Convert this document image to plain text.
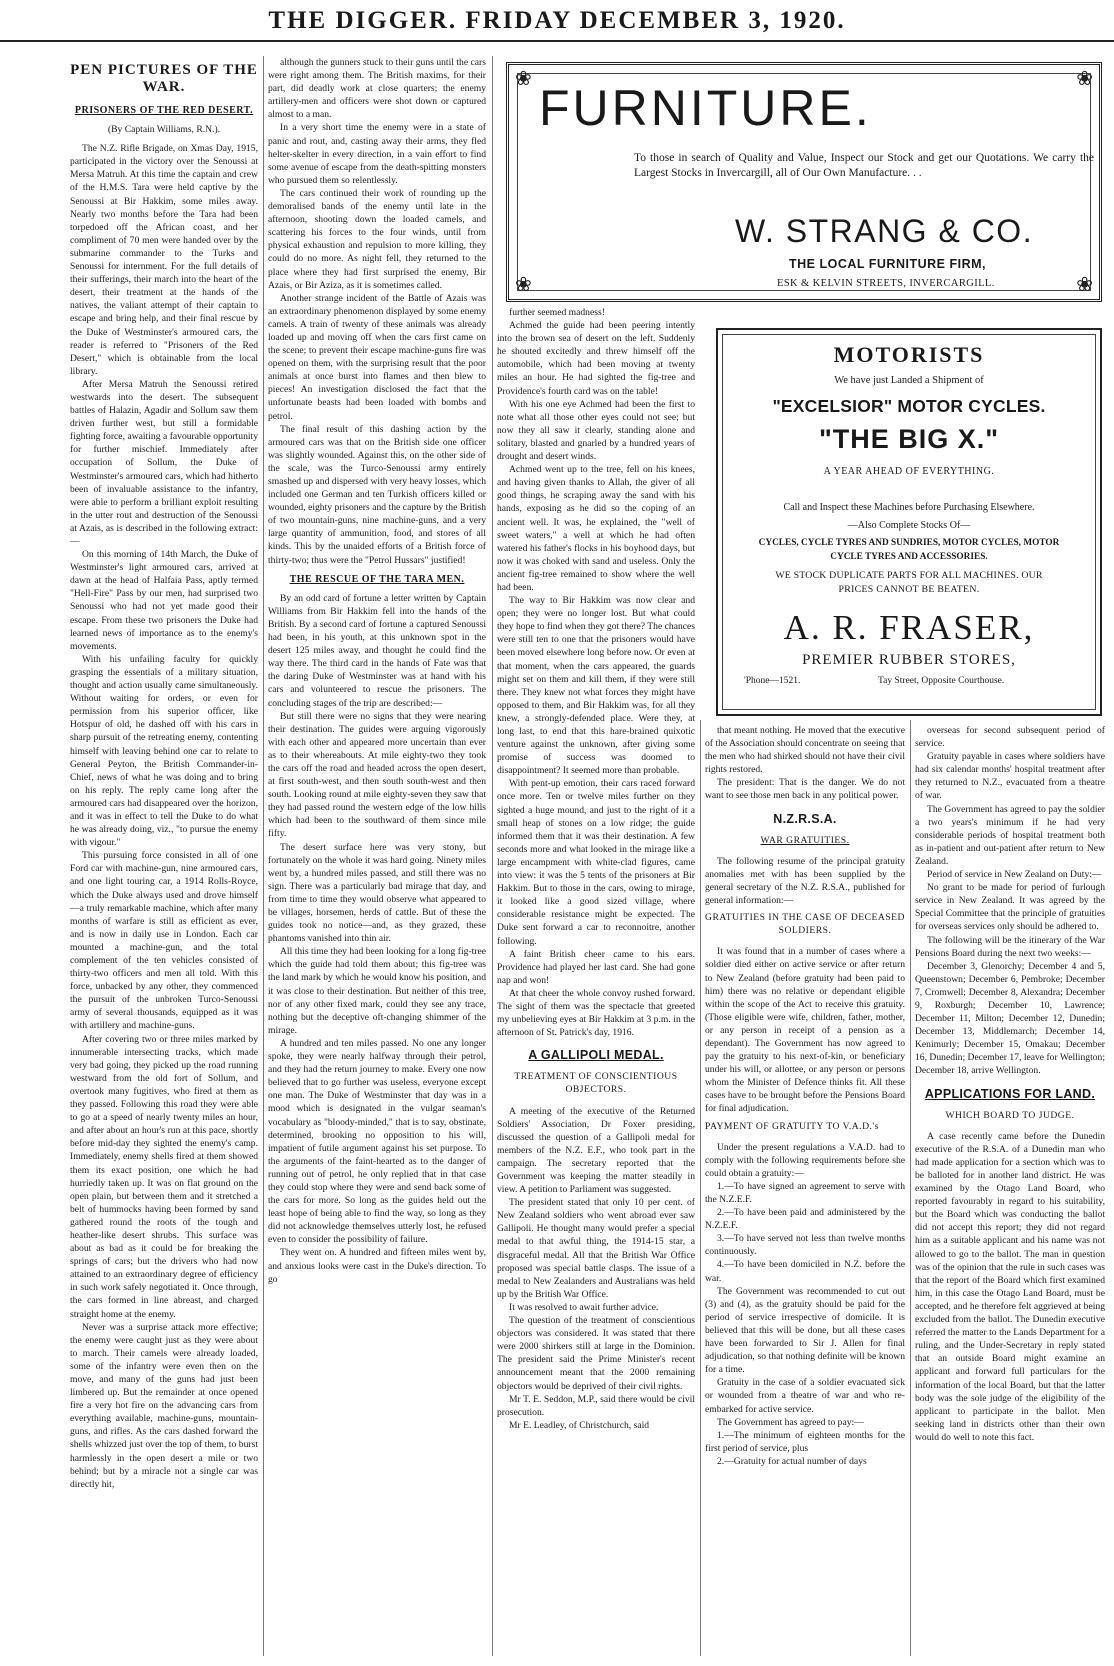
THE DIGGER. FRIDAY DECEMBER 3, 1920.
PEN PICTURES OF THE WAR.
PRISONERS OF THE RED DESERT.
(By Captain Williams, R.N.).

The N.Z. Rifle Brigade, on Xmas Day, 1915, participated in the victory over the Senoussi at Mersa Matruh. At this time the captain and crew of the H.M.S. Tara were held captive by the Senoussi at Bir Hakkim, some miles away. Nearly two months before the Tara had been torpedoed off the African coast, and her compliment of 70 men were handed over by the submarine commander to the Turks and Senoussi for internment. For the full details of their sufferings, their march into the heart of the desert, their treatment at the hands of the natives, the valiant attempt of their captain to escape and bring help, and their final rescue by the Duke of Westminster's armoured cars, the reader is referred to "Prisoners of the Red Desert," which is obtainable from the local library.

After Mersa Matruh the Senoussi retired westwards into the desert. The subsequent battles of Halazin, Agadir and Sollum saw them driven further west, but still a formidable fighting force, awaiting a favourable opportunity for further mischief. Immediately after occupation of Sollum, the Duke of Westminster's armoured cars, which had hitherto been of invaluable assistance to the infantry, were able to perform a brilliant exploit resulting in the utter rout and destruction of the Senoussi at Azais, as is described in the following extract:—

On this morning of 14th March, the Duke of Westminster's light armoured cars, arrived at dawn at the head of Halfaia Pass, aptly termed "Hell-Fire" Pass by our men, had surprised two Senoussi who had not yet made good their escape. From these two prisoners the Duke had learned news of importance as to the enemy's movements.

With his unfailing faculty for quickly grasping the essentials of a military situation, thought and action usually came simultaneously. Without waiting for orders, or even for permission from his superior officer, like Hotspur of old, he dashed off with his cars in sharp pursuit of the retreating enemy, contenting himself with leaving behind one car to relate to General Peyton, the British Commander-in-Chief, news of what he was doing and to bring on his reply. The reply came long after the armoured cars had disappeared over the horizon, and it was in effect to tell the Duke to do what he was already doing, viz., "to pursue the enemy with vigour."

This pursuing force consisted in all of one Ford car with machine-gun, nine armoured cars, and one light touring car, a 1914 Rolls-Royce, which the Duke always used and drove himself—a truly remarkable machine, which after many months of warfare is still as efficient as ever, and is now in daily use in London. Each car mounted a machine-gun, and the total complement of the ten vehicles consisted of thirty-two officers and men all told. With this force, unbacked by any other, they commenced the pursuit of the unbroken Turco-Senoussi army of several thousands, equipped as it was with artillery and machine-guns.

After covering two or three miles marked by innumerable intersecting tracks, which made very bad going, they picked up the road running westward from the old fort of Sollum, and overtook many fugitives, who fired at them as they passed. Following this road they were able to go at a speed of nearly twenty miles an hour, and after about an hour's run at this pace, shortly before mid-day they sighted the enemy's camp. Immediately, enemy shells fired at them showed them its exact position, one which he had hurriedly taken up. It was on flat ground on the open plain, but between them and it stretched a belt of hummocks having been formed by sand gathered round the roots of the tough and heather-like desert shrubs. This surface was about as bad as it could be for breaking the springs of cars; but the drivers who had now attained to an extraordinary degree of efficiency in such work safely negotiated it. Once through, the cars formed in line abreast, and charged straight home at the enemy.

Never was a surprise attack more effective; the enemy were caught just as they were about to march. Their camels were already loaded, some of the infantry were even then on the move, and many of the guns had just been limbered up. But the remainder at once opened fire a very hot fire on the advancing cars from everything available, machine-guns, mountain-guns, and rifles. As the cars dashed forward the shells whizzed just over the top of them, to burst harmlessly in the open desert a mile or two behind; but by a miracle not a single car was directly hit,

although the gunners stuck to their guns until the cars were right among them. The British maxims, for their part, did deadly work at close quarters; the enemy artillery-men and officers were shot down or captured almost to a man.

In a very short time the enemy were in a state of panic and rout, and, casting away their arms, they fled helter-skelter in every direction, in a vain effort to find some avenue of escape from the death-spitting monsters who pursued them so relentlessly.

The cars continued their work of rounding up the demoralised bands of the enemy until late in the afternoon, shooting down the loaded camels, and scattering his forces to the four winds, until from physical exhaustion and repulsion to more killing, they could do no more. As night fell, they returned to the place where they had first surprised the enemy, Bir Azais, or Bir Aziza, as it is sometimes called.

Another strange incident of the Battle of Azais was an extraordinary phenomenon displayed by some enemy camels. A train of twenty of these animals was already loaded up and moving off when the cars first came on the scene; to prevent their escape machine-guns fire was opened on them, with the surprising result that the poor animals at once burst into flames and then blew to pieces! An investigation disclosed the fact that the unfortunate beasts had been loaded with bombs and petrol.

The final result of this dashing action by the armoured cars was that on the British side one officer was slightly wounded. Against this, on the other side of the scale, was the Turco-Senoussi army entirely smashed up and dispersed with very heavy losses, which included one German and ten Turkish officers killed or wounded, eighty prisoners and the capture by the British of two mountain-guns, nine machine-guns, and a very large quantity of ammunition, food, and stores of all kinds. This by the unaided efforts of a British force of thirty-two; thus were the "Petrol Hussars" justified!

THE RESCUE OF THE TARA MEN.

By an odd card of fortune a letter written by Captain Williams from Bir Hakkim fell into the hands of the British. By a second card of fortune a captured Senoussi had been, in his youth, at this unknown spot in the desert 125 miles away, and thought he could find the way there. The third card in the hands of Fate was that the daring Duke of Westminster was at hand with his cars and volunteered to rescue the prisoners. The concluding stages of the trip are described:—

But still there were no signs that they were nearing their destination. The guides were arguing vigorously with each other and appeared more uncertain than ever as to their whereabouts. At mile eighty-two they took the cars off the road and headed across the open desert, at first south-west, and then south south-west and then south. Looking round at mile eighty-seven they saw that they had passed round the western edge of the low hills which had been to the southward of them since mile fifty.

The desert surface here was very stony, but fortunately on the whole it was hard going. Ninety miles went by, a hundred miles passed, and still there was no sign. There was a particularly bad mirage that day, and from time to time they would observe what appeared to be villages, horsemen, herds of cattle. But of these the guides took no notice—and, as they grazed, these phantoms vanished into thin air.

All this time they had been looking for a long fig-tree which the guide had told them about; this fig-tree was the land mark by which he would know his position, and it was close to their destination. But neither of this tree, nor of any other fixed mark, could they see any trace, nothing but the deceptive oft-changing shimmer of the mirage.

A hundred and ten miles passed. No one any longer spoke, they were nearly halfway through their petrol, and they had the return journey to make. Every one now believed that to go further was useless, everyone except one man. The Duke of Westminster that day was in a mood which is designated in the vulgar seaman's vocabulary as "bloody-minded," that is to say, obstinate, determined, brooking no opposition to his will, impatient of futile argument against his set purpose. To the arguments of the faint-hearted as to the danger of running out of petrol, he only replied that in that case they could stop where they were and send back some of the cars for more. So long as the guides held out the least hope of being able to find the way, so long as they did not acknowledge themselves utterly lost, he refused even to consider the possibility of failure.

They went on. A hundred and fifteen miles went by, and anxious looks were cast in the Duke's direction. To go

❀	❀
❀	❀
FURNITURE.
To those in search of Quality and Value, Inspect our Stock and get our Quotations. We carry the Largest Stocks in Invercargill, all of Our Own Manufacture. . .
W. STRANG & CO.
THE LOCAL FURNITURE FIRM,
ESK & KELVIN STREETS, INVERCARGILL.

further seemed madness!

Achmed the guide had been peering intently into the brown sea of desert on the left. Suddenly he shouted excitedly and threw himself off the automobile, which had been moving at twenty miles an hour. He had sighted the fig-tree and Providence's fourth card was on the table!

With his one eye Achmed had been the first to note what all those other eyes could not see; but now they all saw it clearly, standing alone and solitary, blasted and gnarled by a hundred years of drought and desert winds.

Achmed went up to the tree, fell on his knees, and having given thanks to Allah, the giver of all good things, he scraping away the sand with his hands, exposing as he did so the coping of an ancient well. It was, he explained, the "well of sweet waters," a well at which he had often watered his father's flocks in his boyhood days, but now it was choked with sand and useless. Only the ancient fig-tree remained to show where the well had been.

The way to Bir Hakkim was now clear and open; they were no longer lost. But what could they hope to find when they got there? The chances were still ten to one that the prisoners would have been moved elsewhere long before now. Or even at that moment, when the cars appeared, the guards might set on them and kill them, if they were still there. They knew not what forces they might have opposed to them, and Bir Hakkim was, for all they knew, a strongly-defended place. Were they, at long last, to end that this hare-brained quixotic venture against the unknown, after giving some promise of success was doomed to disappointment? It seemed more than probable.

With pent-up emotion, their cars raced forward once more. Ten or twelve miles further on they sighted a huge mound, and just to the right of it a small heap of stones on a low ridge; the guide informed them that it was their destination. A few seconds more and what looked in the mirage like a large encampment with white-clad figures, came into view: it was the 5 tents of the prisoners at Bir Hakkim. But to those in the cars, owing to mirage, it looked like a good sized village, where considerable resistance might be expected. The Duke sent forward a car to reconnoitre, another following.

A faint British cheer came to his ears. Providence had played her last card. She had gone nap and won!

At that cheer the whole convoy rushed forward. The sight of them was the spectacle that greeted my unbelieving eyes at Bir Hakkim at 3 p.m. in the afternoon of St. Patrick's day, 1916.

A GALLIPOLI MEDAL.
TREATMENT OF CONSCIENTIOUS OBJECTORS.

A meeting of the executive of the Returned Soldiers' Association, Dr Foxer presiding, discussed the question of a Gallipoli medal for members of the N.Z. E.F., who took part in the campaign. The secretary reported that the Government was keeping the matter steadily in view. A petition to Parliament was suggested.

The president stated that only 10 per cent. of New Zealand soldiers who went abroad ever saw Gallipoli. He thought many would prefer a special medal to that awful thing, the 1914-15 star, a disgraceful medal. All that the British War Office proposed was special battle clasps. The issue of a medal to New Zealanders and Australians was held up by the British War Office.

It was resolved to await further advice.

The question of the treatment of conscientious objectors was considered. It was stated that there were 2000 shirkers still at large in the Dominion. The president said the Prime Minister's recent announcement meant that the 2000 remaining objectors would be deprived of their civil rights.

Mr T. E. Seddon, M.P., said there would be civil prosecution.

Mr E. Leadley, of Christchurch, said

MOTORISTS
We have just Landed a Shipment of
"EXCELSIOR" MOTOR CYCLES.
"THE BIG X."
A YEAR AHEAD OF EVERYTHING.
Call and Inspect these Machines before Purchasing Elsewhere.
—Also Complete Stocks Of—
CYCLES, CYCLE TYRES AND SUNDRIES, MOTOR CYCLES, MOTOR
CYCLE TYRES AND ACCESSORIES.
WE STOCK DUPLICATE PARTS FOR ALL MACHINES. OUR
PRICES CANNOT BE BEATEN.
A. R. FRASER,
PREMIER RUBBER STORES,
'Phone—1521.	Tay Street, Opposite Courthouse.

that meant nothing. He moved that the executive of the Association should concentrate on seeing that the men who had shirked should not have their civil rights restored.

The president: That is the danger. We do not want to see those men back in any political power.

N.Z.R.S.A.
WAR GRATUITIES.

The following resume of the principal gratuity anomalies met with has been supplied by the general secretary of the N.Z. R.S.A., published for general information:—

GRATUITIES IN THE CASE OF DECEASED SOLDIERS.

It was found that in a number of cases where a soldier died either on active service or after return to New Zealand (before gratuity had been paid to him) there was no relative or dependant eligible within the scope of the Act to receive this gratuity. (Those eligible were wife, children, father, mother, or any person in receipt of a pension as a dependant). The Government has now agreed to pay the gratuity to his next-of-kin, or beneficiary under his will, or allottee, or any person or persons whom the Minister of Defence thinks fit. All these cases have to be brought before the Pensions Board for final adjudication.

PAYMENT OF GRATUITY TO V.A.D.'s

Under the present regulations a V.A.D. had to comply with the following requirements before she could obtain a gratuity:—

1.—To have signed an agreement to serve with the N.Z.E.F.

2.—To have been paid and administered by the N.Z.E.F.

3.—To have served not less than twelve months continuously.

4.—To have been domiciled in N.Z. before the war.

The Government was recommended to cut out (3) and (4), as the gratuity should be paid for the period of service irrespective of domicile. It is believed that this will be done, but all these cases have been forwarded to Sir J. Allen for final adjudication, so that nothing definite will be known for a time.

Gratuity in the case of a soldier evacuated sick or wounded from a theatre of war and who re-embarked for active service.

The Government has agreed to pay:—

1.—The minimum of eighteen months for the first period of service, plus

2.—Gratuity for actual number of days

overseas for second subsequent period of service.

Gratuity payable in cases where soldiers have had six calendar months' hospital treatment after they returned to N.Z., evacuated from a theatre of war.

The Government has agreed to pay the soldier a two years's minimum if he had very considerable periods of hospital treatment both as in-patient and out-patient after return to New Zealand.

Period of service in New Zealand on Duty:—

No grant to be made for period of furlough service in New Zealand. It was agreed by the Special Committee that the principle of gratuities for overseas services only should be adhered to.

The following will be the itinerary of the War Pensions Board during the next two weeks:—

December 3, Glenorchy; December 4 and 5, Queenstown; December 6, Pembroke; December 7, Cromwell; December 8, Alexandra; December 9, Roxburgh; December 10, Lawrence; December 11, Milton; December 12, Dunedin; December 13, Middlemarch; December 14, Kenimurly; December 15, Omakau; December 16, Dunedin; December 17, leave for Wellington; December 18, arrive Wellington.

APPLICATIONS FOR LAND.
WHICH BOARD TO JUDGE.

A case recently came before the Dunedin executive of the R.S.A. of a Dunedin man who had made application for a section which was to be balloted for in another land district. He was examined by the Otago Land Board, who reported favourably in regard to his suitability, but the Board which was conducting the ballot did not accept this report; they did not regard him as a suitable applicant and his name was not allowed to go to the ballot. The man in question was of the opinion that the rule in such cases was that the report of the Board which first examined him, in this case the Otago Land Board, must be accepted, and he therefore felt aggrieved at being excluded from the ballot. The Dunedin executive referred the matter to the Lands Department for a ruling, and the Under-Secretary in reply stated that an outside Board might examine an applicant and forward full particulars for the information of the local Board, but that the latter body was the sole judge of the eligibility of the applicant to participate in the ballot. Men seeking land in districts other than their own would do well to note this fact.
